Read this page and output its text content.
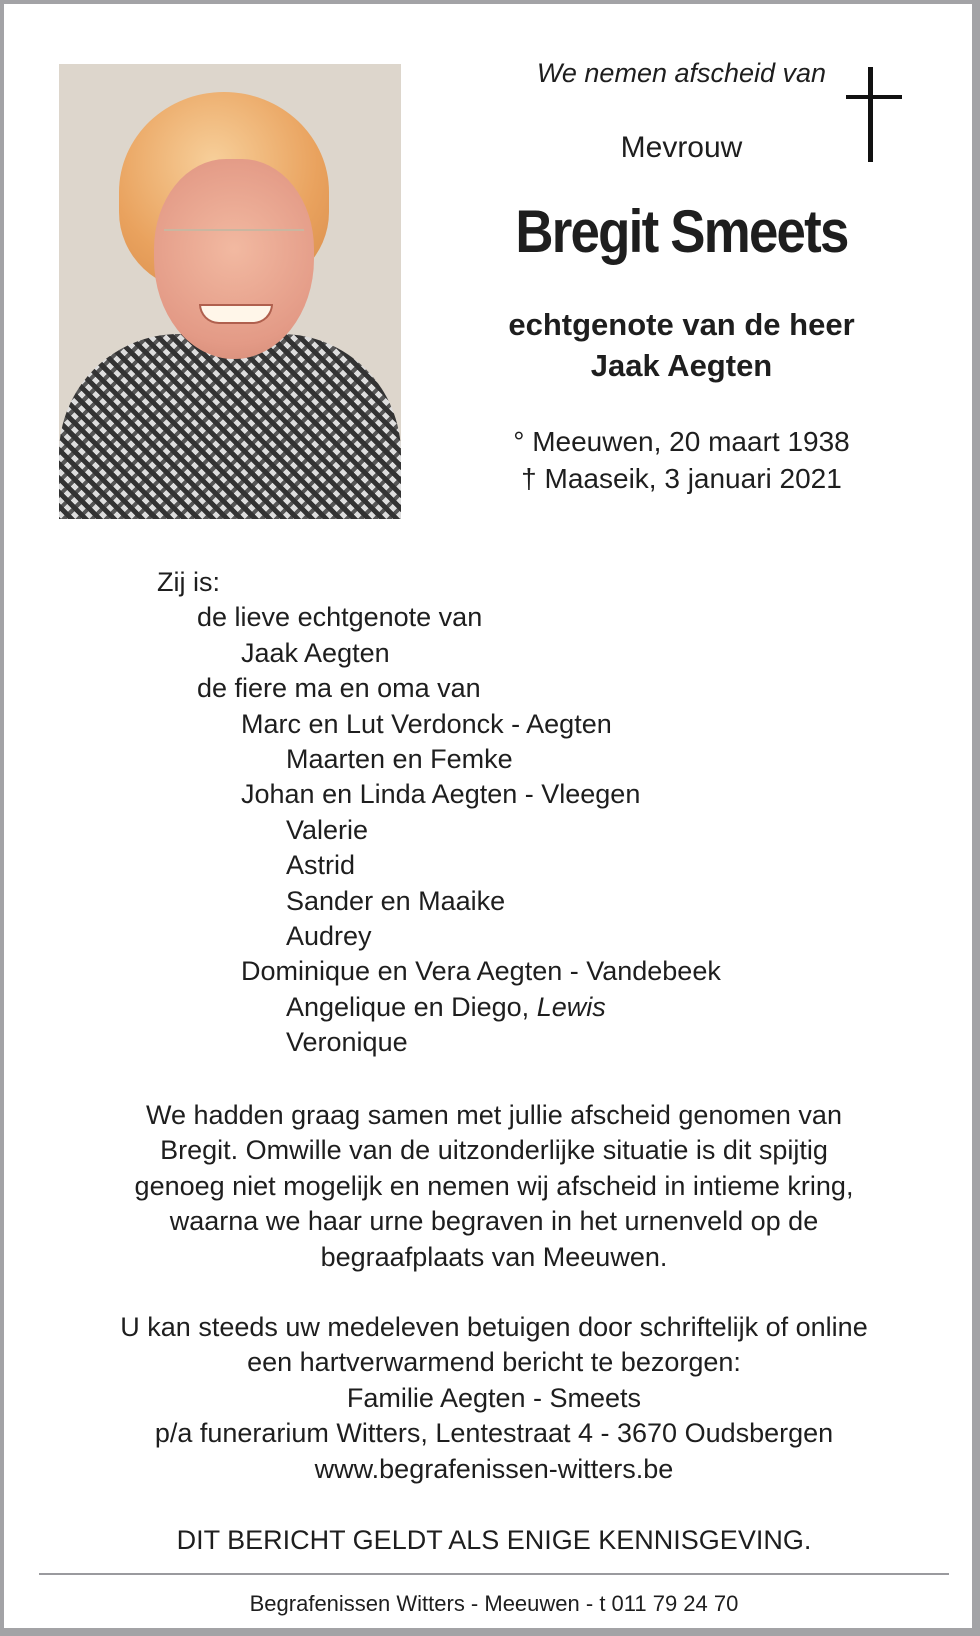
We nemen afscheid van
Mevrouw
Bregit Smeets
echtgenote van de heer
Jaak Aegten
° Meeuwen, 20 maart 1938
† Maaseik, 3 januari 2021
Zij is:
de lieve echtgenote van
Jaak Aegten
de fiere ma en oma van
Marc en Lut Verdonck - Aegten
Maarten en Femke
Johan en Linda Aegten - Vleegen
Valerie
Astrid
Sander en Maaike
Audrey
Dominique en Vera Aegten - Vandebeek
Angelique en Diego, Lewis
Veronique
We hadden graag samen met jullie afscheid genomen van
Bregit. Omwille van de uitzonderlijke situatie is dit spijtig
genoeg niet mogelijk en nemen wij afscheid in intieme kring,
waarna we haar urne begraven in het urnenveld op de
begraafplaats van Meeuwen.
U kan steeds uw medeleven betuigen door schriftelijk of online
een hartverwarmend bericht te bezorgen:
Familie Aegten - Smeets
p/a funerarium Witters, Lentestraat 4 - 3670 Oudsbergen
www.begrafenissen-witters.be
DIT BERICHT GELDT ALS ENIGE KENNISGEVING.
Begrafenissen Witters - Meeuwen - t 011 79 24 70
